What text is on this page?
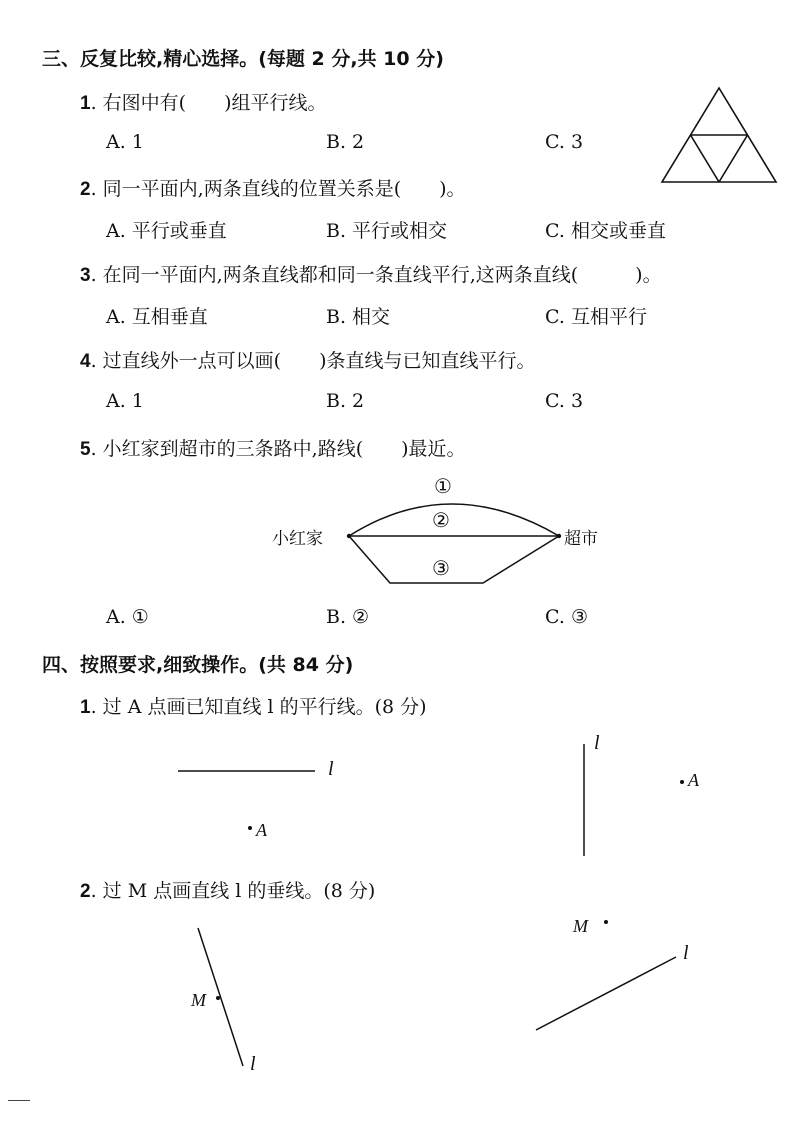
三、反复比较,精心选择。(每题 2 分,共 10 分)
1. 右图中有(　　)组平行线。
A. 1	B. 2	C. 3
2. 同一平面内,两条直线的位置关系是(　　)。
A. 平行或垂直	B. 平行或相交	C. 相交或垂直
3. 在同一平面内,两条直线都和同一条直线平行,这两条直线(　　　)。
A. 互相垂直	B. 相交	C. 互相平行
4. 过直线外一点可以画(　　)条直线与已知直线平行。
A. 1	B. 2	C. 3
5. 小红家到超市的三条路中,路线(　　)最近。
小红家	超市
①
②
③
A. ①	B. ②	C. ③
四、按照要求,细致操作。(共 84 分)
1. 过 A 点画已知直线 l 的平行线。(8 分)
l
A
l
A
2. 过 M 点画直线 l 的垂线。(8 分)
M
l
M
l
